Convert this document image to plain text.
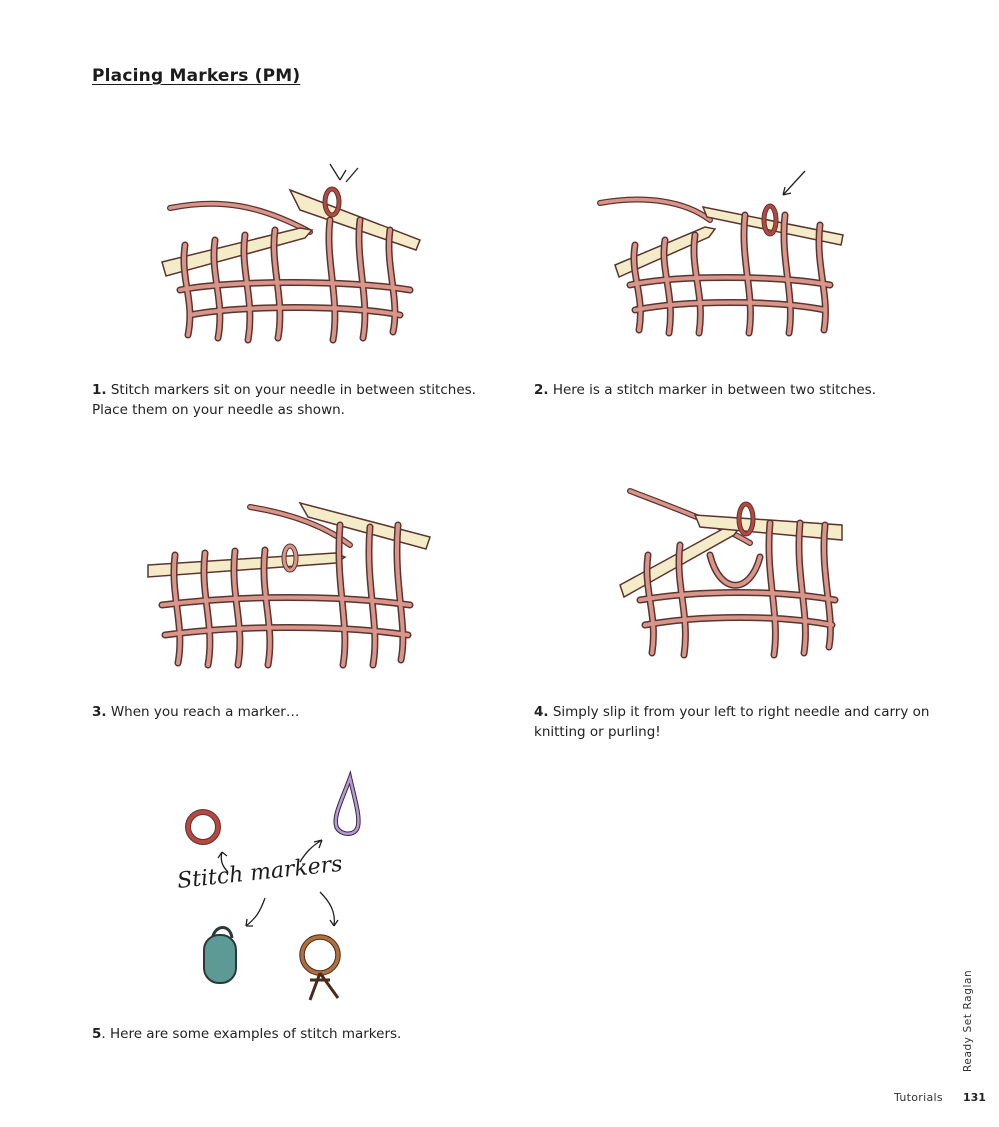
Placing Markers (PM)
1. Stitch markers sit on your needle in between stitches. Place them on your needle as shown.
2. Here is a stitch marker in between two stitches.
3. When you reach a marker…	4. Simply slip it from your left to right needle and carry on knitting or purling!
Stitch markers
5. Here are some examples of stitch markers.	Ready Set Raglan
Tutorials 131
